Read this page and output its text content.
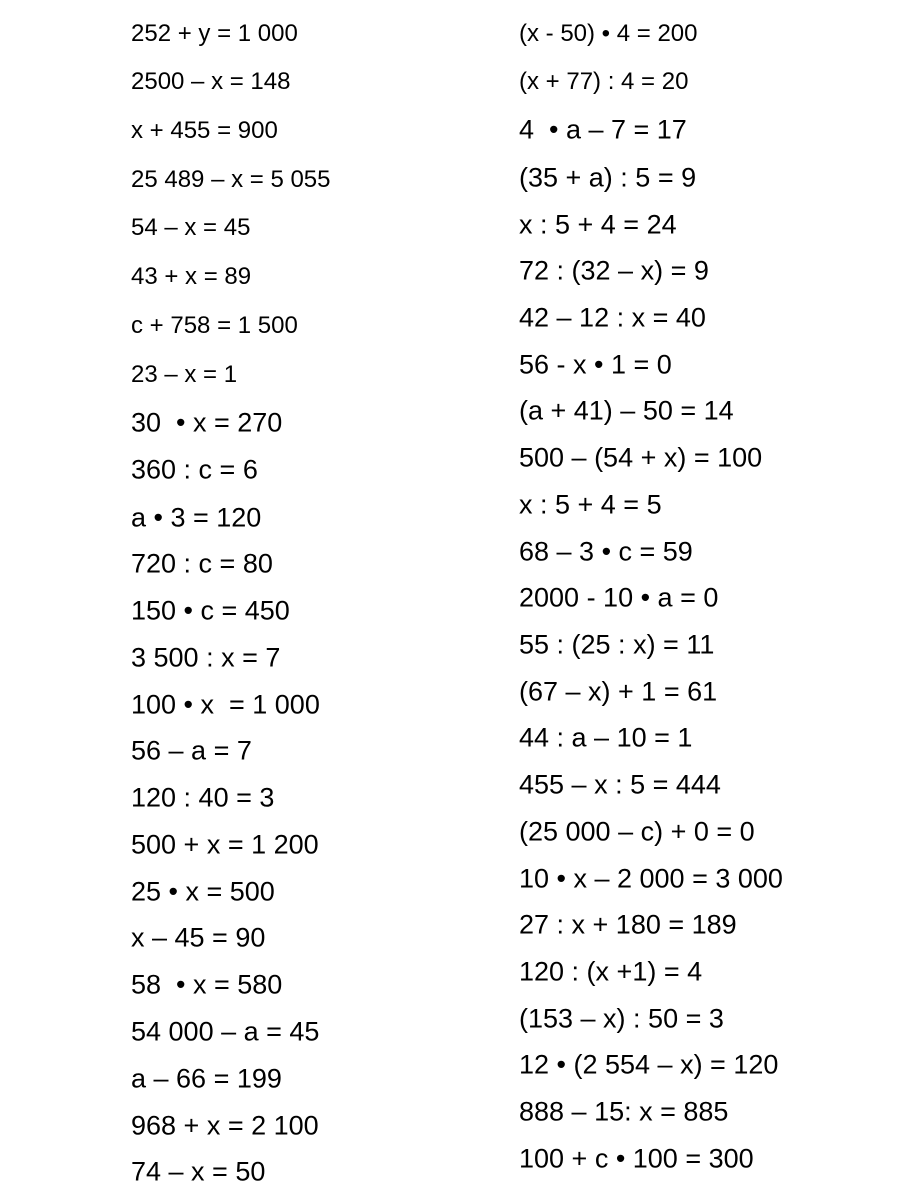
252 + y = 1 000
2500 – x = 148
x + 455 = 900
25 489 – x = 5 055
54 – x = 45
43 + x = 89
c + 758 = 1 500
23 – x = 1
30  • x = 270
360 : c = 6
a • 3 = 120
720 : c = 80
150 • c = 450
3 500 : x = 7
100 • x  = 1 000
56 – a = 7
120 : 40 = 3
500 + x = 1 200
25 • x = 500
x – 45 = 90
58  • x = 580
54 000 – a = 45
a – 66 = 199
968 + x = 2 100
74 – x = 50
(x - 50) • 4 = 200
(x + 77) : 4 = 20
4  • a – 7 = 17
(35 + a) : 5 = 9
x : 5 + 4 = 24
72 : (32 – x) = 9
42 – 12 : x = 40
56 - x • 1 = 0
(a + 41) – 50 = 14
500 – (54 + x) = 100
x : 5 + 4 = 5
68 – 3 • c = 59
2000 - 10 • a = 0
55 : (25 : x) = 11
(67 – x) + 1 = 61
44 : a – 10 = 1
455 – x : 5 = 444
(25 000 – c) + 0 = 0
10 • x – 2 000 = 3 000
27 : x + 180 = 189
120 : (x +1) = 4
(153 – x) : 50 = 3
12 • (2 554 – x) = 120
888 – 15: x = 885
100 + c • 100 = 300
